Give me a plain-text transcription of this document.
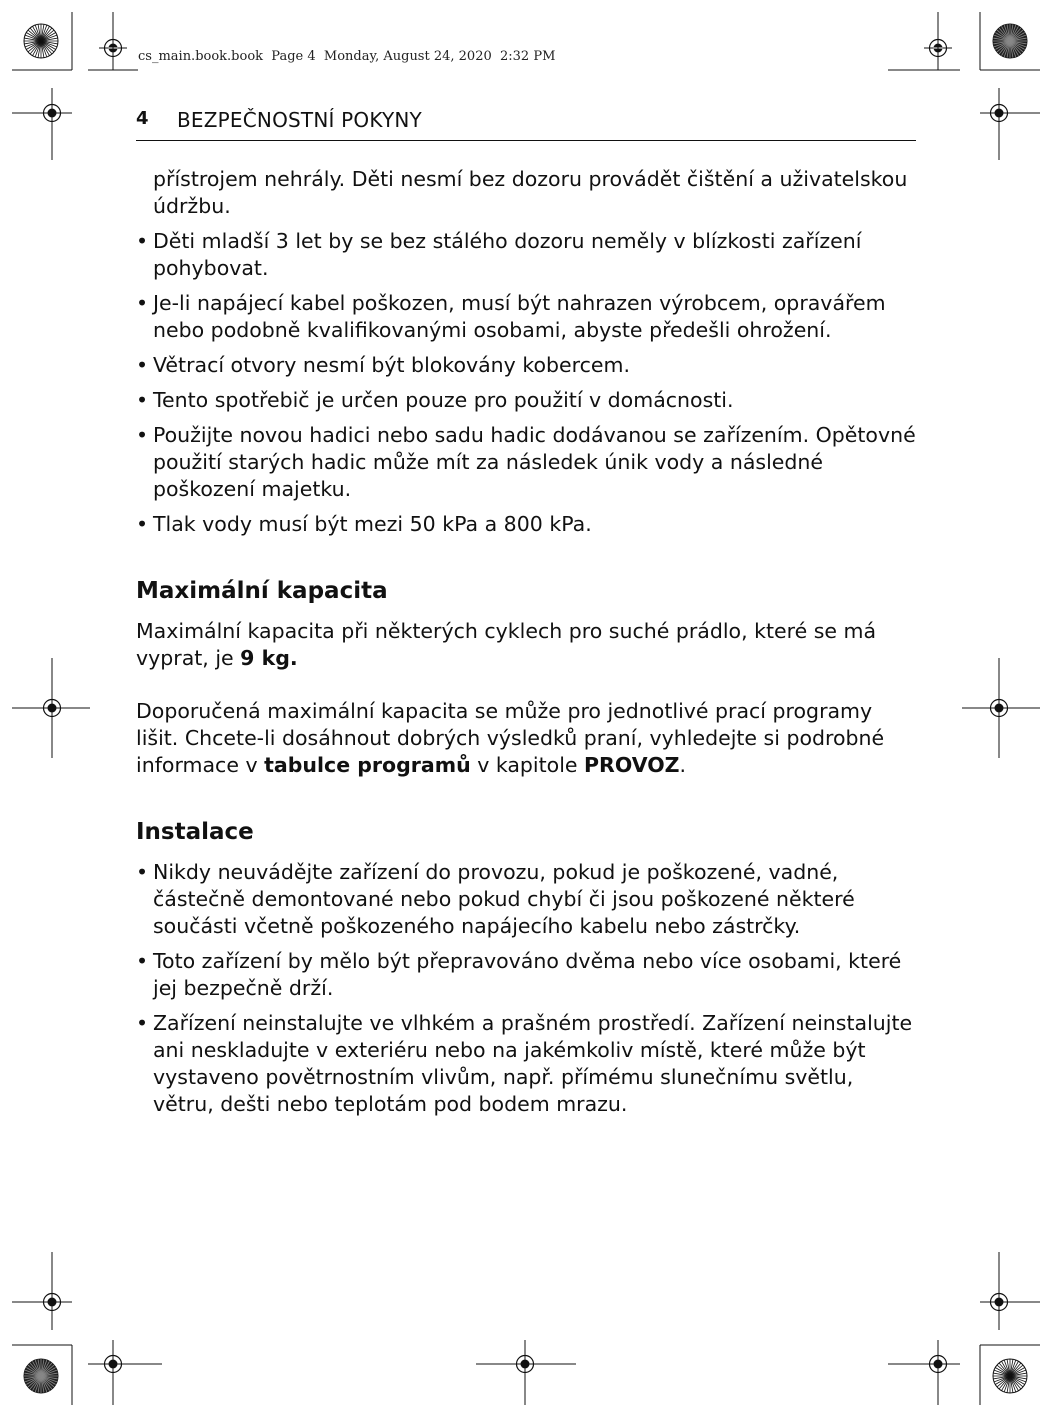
cs_main.book.book  Page 4  Monday, August 24, 2020  2:32 PM
4 BEZPEČNOSTNÍ POKYNY

přístrojem nehrály. Děti nesmí bez dozoru provádět čištění a uživatelskou údržbu.

• Děti mladší 3 let by se bez stálého dozoru neměly v blízkosti zařízení pohybovat.
• Je-li napájecí kabel poškozen, musí být nahrazen výrobcem, opravářem nebo podobně kvalifikovanými osobami, abyste předešli ohrožení.
• Větrací otvory nesmí být blokovány kobercem.
• Tento spotřebič je určen pouze pro použití v domácnosti.
• Použijte novou hadici nebo sadu hadic dodávanou se zařízením. Opětovné použití starých hadic může mít za následek únik vody a následné poškození majetku.
• Tlak vody musí být mezi 50 kPa a 800 kPa.
Maximální kapacita

Maximální kapacita při některých cyklech pro suché prádlo, které se má vyprat, je 9 kg.

Doporučená maximální kapacita se může pro jednotlivé prací programy lišit. Chcete-li dosáhnout dobrých výsledků praní, vyhledejte si podrobné informace v tabulce programů v kapitole PROVOZ.

Instalace
• Nikdy neuvádějte zařízení do provozu, pokud je poškozené, vadné, částečně demontované nebo pokud chybí či jsou poškozené některé součásti včetně poškozeného napájecího kabelu nebo zástrčky.
• Toto zařízení by mělo být přepravováno dvěma nebo více osobami, které jej bezpečně drží.
• Zařízení neinstalujte ve vlhkém a prašném prostředí. Zařízení neinstalujte ani neskladujte v exteriéru nebo na jakémkoliv místě, které může být vystaveno povětrnostním vlivům, např. přímému slunečnímu světlu, větru, dešti nebo teplotám pod bodem mrazu.
